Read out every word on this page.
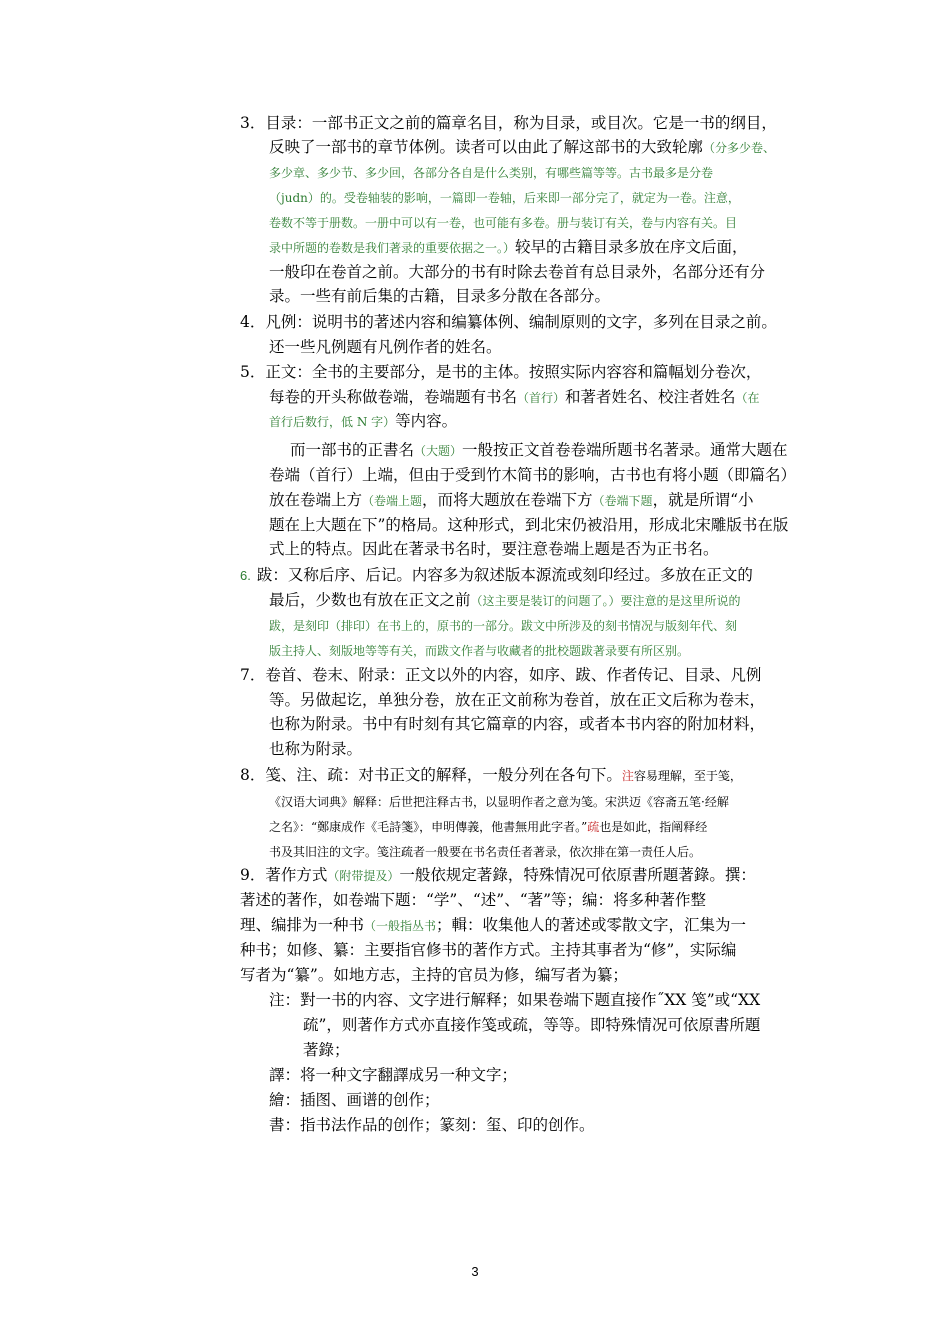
3．目录：一部书正文之前的篇章名目，称为目录，或目次。它是一书的纲目，
反映了一部书的章节体例。读者可以由此了解这部书的大致轮廓（分多少卷、
多少章、多少节、多少回，各部分各自是什么类别，有哪些篇等等。古书最多是分卷
（judn）的。受卷轴装的影响，一篇即一卷轴，后来即一部分完了，就定为一卷。注意，
卷数不等于册数。一册中可以有一卷，也可能有多卷。册与装订有关，卷与内容有关。目
录中所题的卷数是我们著录的重要依据之一。）较早的古籍目录多放在序文后面，
一般印在卷首之前。大部分的书有时除去卷首有总目录外，名部分还有分
录。一些有前后集的古籍，目录多分散在各部分。
4．凡例：说明书的著述内容和编纂体例、编制原则的文字，多列在目录之前。
还一些凡例题有凡例作者的姓名。
5．正文：全书的主要部分，是书的主体。按照实际内容容和篇幅划分卷次，
每卷的开头称做卷端，卷端题有书名（首行）和著者姓名、校注者姓名（在
首行后数行，低 N 字）等内容。
而一部书的正書名（大题）一般按正文首卷卷端所题书名著录。通常大题在
卷端（首行）上端，但由于受到竹木简书的影响，古书也有将小题（即篇名）
放在卷端上方（卷端上题，而将大题放在卷端下方（卷端下题，就是所谓“小
题在上大题在下”的格局。这种形式，到北宋仍被沿用，形成北宋雕版书在版
式上的特点。因此在著录书名时，要注意卷端上题是否为正书名。
6. 跋：又称后序、后记。内容多为叙述版本源流或刻印经过。多放在正文的
最后，少数也有放在正文之前（这主要是装订的问题了。）要注意的是这里所说的
跋，是刻印（排印）在书上的，原书的一部分。跋文中所涉及的刻书情况与版刻年代、刻
版主持人、刻版地等等有关，而跋文作者与收藏者的批校题跋著录要有所区别。
7．卷首、卷末、附录：正文以外的内容，如序、跋、作者传记、目录、凡例
等。另做起讫，单独分卷，放在正文前称为卷首，放在正文后称为卷末，
也称为附录。书中有时刻有其它篇章的内容，或者本书内容的附加材料，
也称为附录。
8．笺、注、疏：对书正文的解释，一般分列在各句下。注容易理解，至于笺，
《汉语大词典》解释：后世把注释古书，以显明作者之意为笺。宋洪迈《容斋五笔·经解
之名》：“鄭康成作《毛詩箋》，申明傳義，他書無用此字者。”疏也是如此，指阐释经
书及其旧注的文字。笺注疏者一般要在书名责任者著录，依次排在第一责任人后。
9．著作方式（附带提及）一般依规定著錄，特殊情况可依原書所題著錄。撰：
著述的著作，如卷端下题：“学”、“述”、“著”等；编：将多种著作整
理、编排为一种书（一般指丛书；輯：收集他人的著述或零散文字，汇集为一
种书；如修、纂：主要指官修书的著作方式。主持其事者为“修”，实际编
写者为“纂”。如地方志，主持的官员为修，编写者为纂；
注：對一书的内容、文字进行解释；如果卷端下题直接作˝XX 笺”或“XX
疏”，则著作方式亦直接作笺或疏，等等。即特殊情况可依原書所題
著錄；
譯：将一种文字翻譯成另一种文字；
繪：插图、画谱的创作；
書：指书法作品的创作；篆刻：玺、印的创作。
3
